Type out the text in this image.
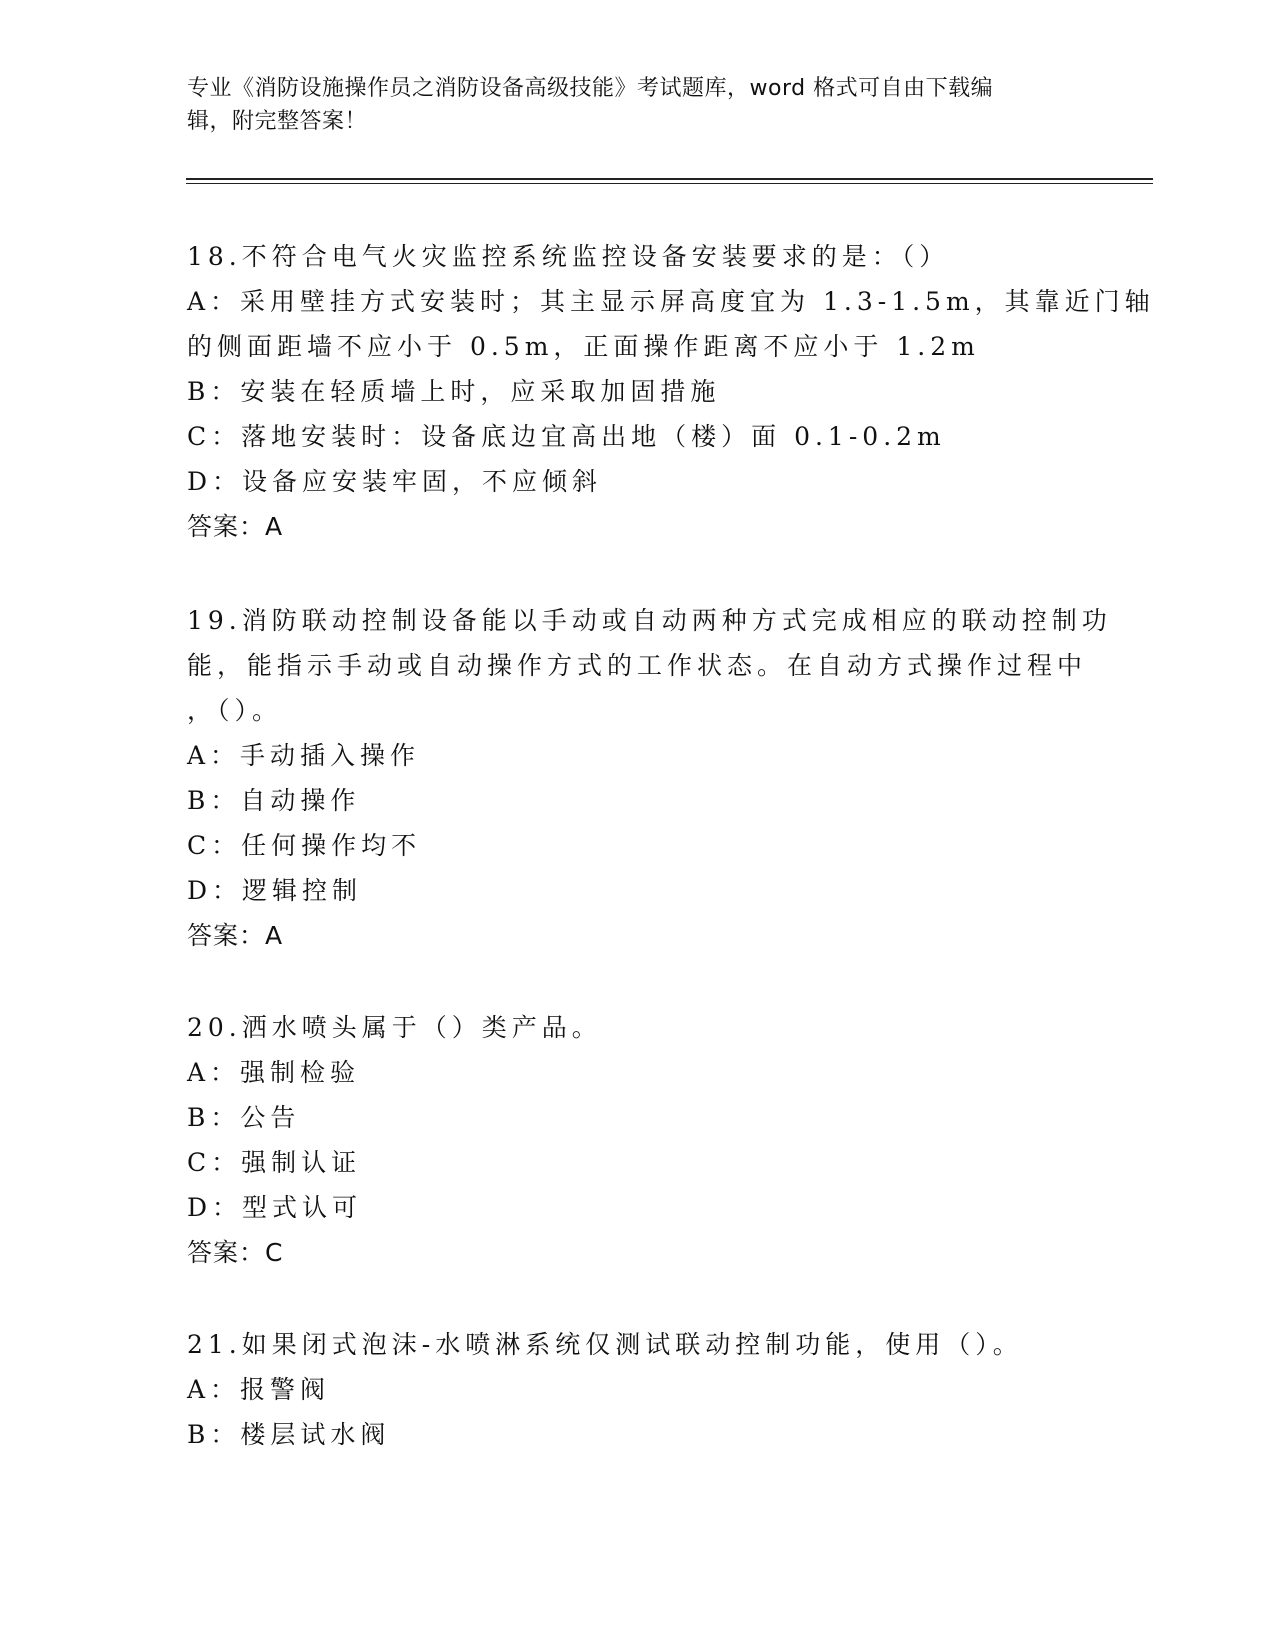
专业《消防设施操作员之消防设备高级技能》考试题库，word 格式可自由下载编
辑，附完整答案！
18.不符合电气火灾监控系统监控设备安装要求的是：（）
A：采用壁挂方式安装时；其主显示屏高度宜为 1.3-1.5m，其靠近门轴
的侧面距墙不应小于 0.5m，正面操作距离不应小于 1.2m
B：安装在轻质墙上时，应采取加固措施
C：落地安装时：设备底边宜高出地（楼）面 0.1-0.2m
D：设备应安装牢固，不应倾斜
答案：A
19.消防联动控制设备能以手动或自动两种方式完成相应的联动控制功
能，能指示手动或自动操作方式的工作状态。在自动方式操作过程中
，（）。
A：手动插入操作
B：自动操作
C：任何操作均不
D：逻辑控制
答案：A
20.洒水喷头属于（）类产品。
A：强制检验
B：公告
C：强制认证
D：型式认可
答案：C
21.如果闭式泡沫-水喷淋系统仅测试联动控制功能，使用（）。
A：报警阀
B：楼层试水阀
